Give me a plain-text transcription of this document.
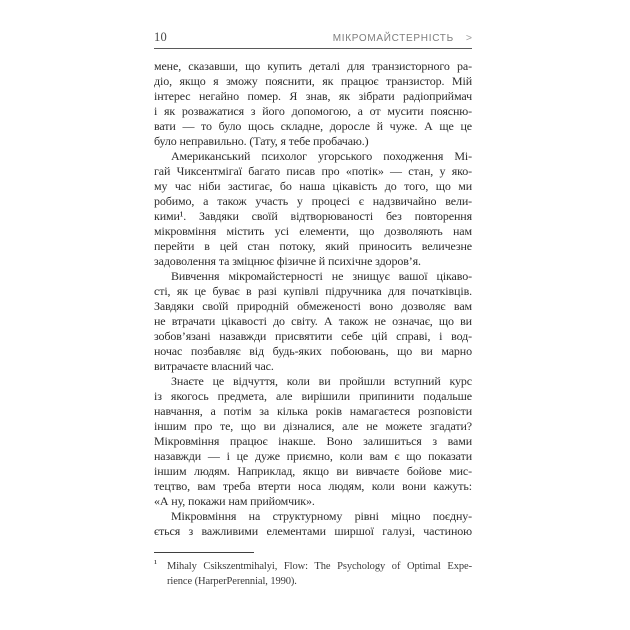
10	МІКРОМАЙСТЕРНІСТЬ >
мене, сказавши, що купить деталі для транзисторного ра-
діо, якщо я зможу пояснити, як працює транзистор. Мій
інтерес негайно помер. Я знав, як зібрати радіоприймач
і як розважатися з його допомогою, а от мусити поясню-
вати — то було щось складне, доросле й чуже. А ще це
було неправильно. (Тату, я тебе пробачаю.)
Американський психолог угорського походження Мі-
гай Чиксентмігаї багато писав про «потік» — стан, у яко-
му час ніби застигає, бо наша цікавість до того, що ми
робимо, а також участь у процесі є надзвичайно вели-
кими¹. Завдяки своїй відтворюваності без повторення
мікровміння містить усі елементи, що дозволяють нам
перейти в цей стан потоку, який приносить величезне
задоволення та зміцнює фізичне й психічне здоров’я.
Вивчення мікромайстерності не знищує вашої цікаво-
сті, як це буває в разі купівлі підручника для початківців.
Завдяки своїй природній обмеженості воно дозволяє вам
не втрачати цікавості до світу. А також не означає, що ви
зобов’язані назавжди присвятити себе цій справі, і вод-
ночас позбавляє від будь-яких побоювань, що ви марно
витрачаєте власний час.
Знаєте це відчуття, коли ви пройшли вступний курс
із якогось предмета, але вирішили припинити подальше
навчання, а потім за кілька років намагаєтеся розповісти
іншим про те, що ви дізналися, але не можете згадати?
Мікровміння працює інакше. Воно залишиться з вами
назавжди — і це дуже приємно, коли вам є що показати
іншим людям. Наприклад, якщо ви вивчаєте бойове мис-
тецтво, вам треба втерти носа людям, коли вони кажуть:
«А ну, покажи нам прийомчик».
Мікровміння на структурному рівні міцно поєдну-
ється з важливими елементами ширшої галузі, частиною
¹ Mihaly Csikszentmihalyi, Flow: The Psychology of Optimal Expe-
rience (HarperPerennial, 1990).
